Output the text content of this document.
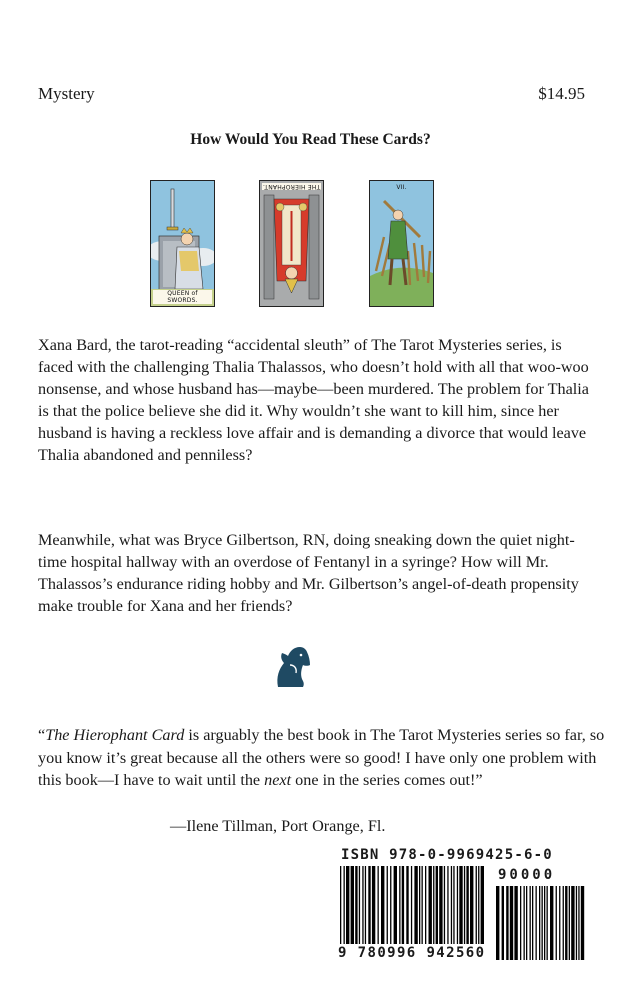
Mystery	$14.95
How Would You Read These Cards?
QUEEN of SWORDS.
THE HIEROPHANT.	VII.

Xana Bard, the tarot-reading “accidental sleuth” of The Tarot Mysteries series, is faced with the challenging Thalia Thalassos, who doesn’t hold with all that woo-woo nonsense, and whose husband has—maybe—been murdered. The problem for Thalia is that the police believe she did it. Why wouldn’t she want to kill him, since her husband is having a reckless love affair and is demanding a divorce that would leave Thalia abandoned and penniless?

Meanwhile, what was Bryce Gilbertson, RN, doing sneaking down the quiet night-time hospital hallway with an overdose of Fentanyl in a syringe? How will Mr. Thalassos’s endurance riding hobby and Mr. Gilbertson’s angel-of-death propensity make trouble for Xana and her friends?

“The Hierophant Card is arguably the best book in The Tarot Mysteries series so far, so you know it’s great because all the others were so good! I have only one problem with this book—I have to wait until the next one in the series comes out!”

—Ilene Tillman, Port Orange, Fl.
ISBN 978-0-9969425-6-0
90000
9 780996 942560
